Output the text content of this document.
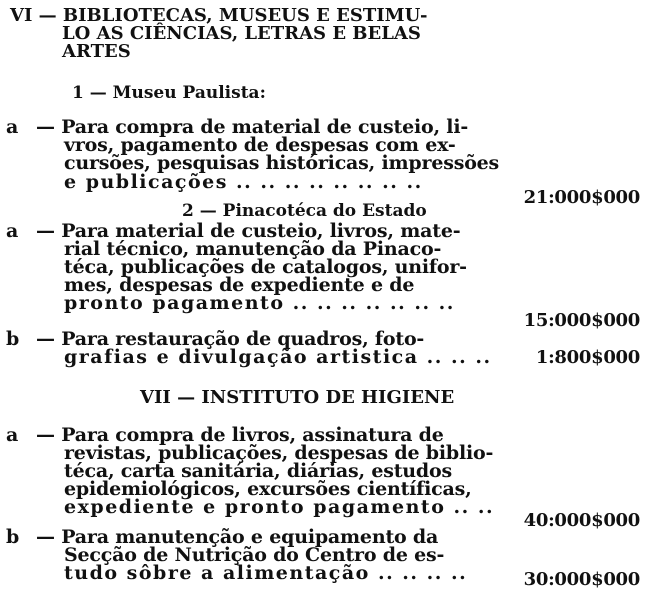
VI — BIBLIOTECAS, MUSEUS E ESTIMU-
LO AS CIÊNCIAS, LETRAS E BELAS
ARTES
1 — Museu Paulista:
a — Para compra de material de custeio, li-
vros, pagamento de despesas com ex-
cursões, pesquisas históricas, impressões
e publicações .. .. .. .. .. .. .. ..
21:000$000
2 — Pinacotéca do Estado
a — Para material de custeio, livros, mate-
rial técnico, manutenção da Pinaco-
téca, publicações de catalogos, unifor-
mes, despesas de expediente e de
pronto pagamento .. .. .. .. .. .. ..
15:000$000
b — Para restauração de quadros, foto-
grafias e divulgação artistica .. .. ..	1:800$000
VII — INSTITUTO DE HIGIENE
a — Para compra de livros, assinatura de
revistas, publicações, despesas de biblio-
téca, carta sanitária, diárias, estudos
epidemiológicos, excursões científicas,
expediente e pronto pagamento .. ..
40:000$000
b — Para manutenção e equipamento da
Secção de Nutrição do Centro de es-
tudo sôbre a alimentação .. .. .. ..	30:000$000
